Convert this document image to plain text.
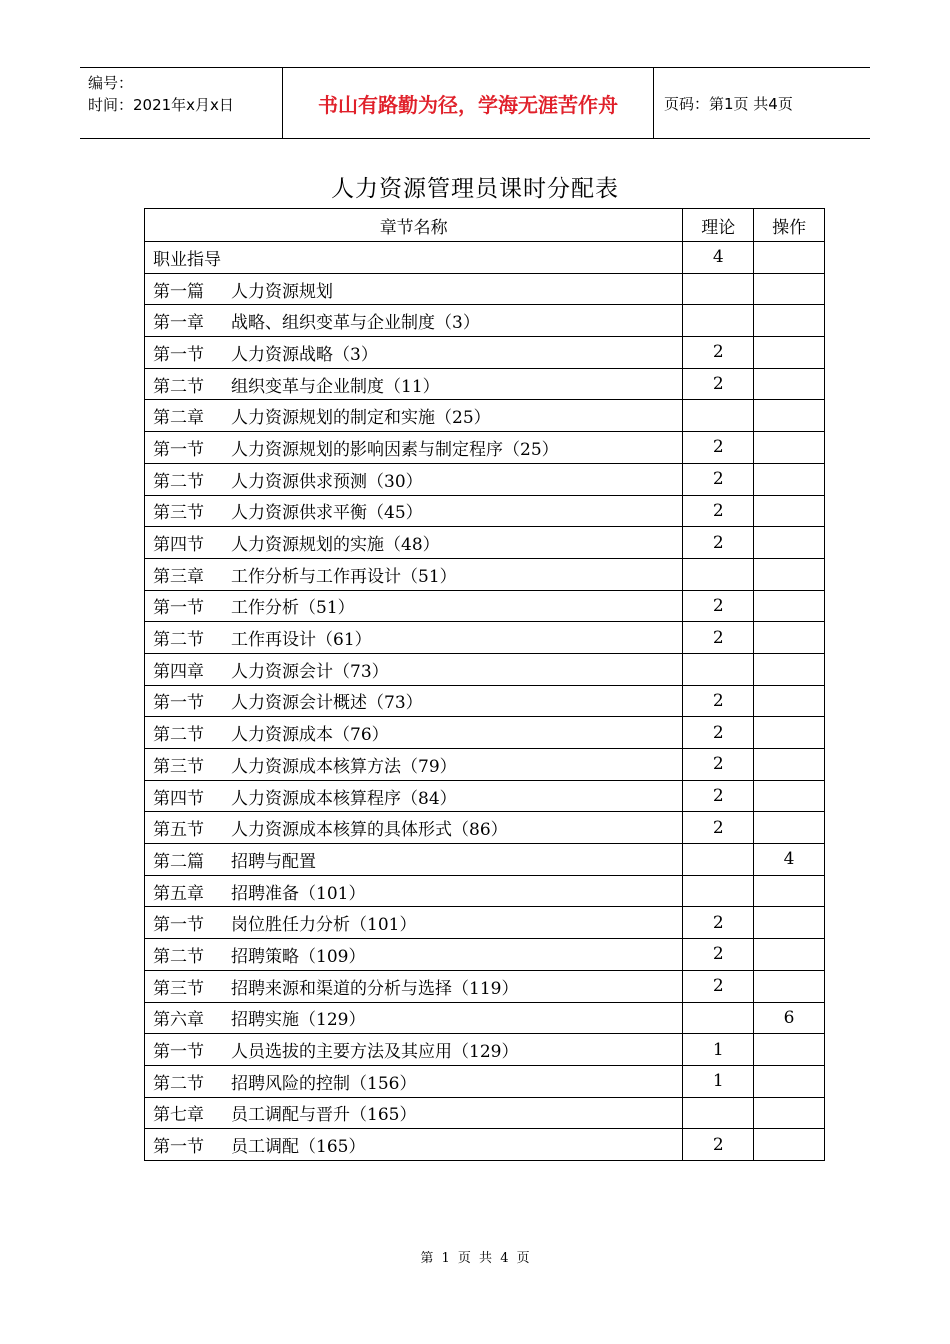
编号：
时间：2021年x月x日	书山有路勤为径，学海无涯苦作舟	页码：第1页 共4页
人力资源管理员课时分配表
章节名称	理论	操作
职业指导	4	
第一篇 人力资源规划		
第一章 战略、组织变革与企业制度（3）		
第一节 人力资源战略（3）	2	
第二节 组织变革与企业制度（11）	2	
第二章 人力资源规划的制定和实施（25）		
第一节 人力资源规划的影响因素与制定程序（25）	2	
第二节 人力资源供求预测（30）	2	
第三节 人力资源供求平衡（45）	2	
第四节 人力资源规划的实施（48）	2	
第三章 工作分析与工作再设计（51）		
第一节 工作分析（51）	2	
第二节 工作再设计（61）	2	
第四章 人力资源会计（73）		
第一节 人力资源会计概述（73）	2	
第二节 人力资源成本（76）	2	
第三节 人力资源成本核算方法（79）	2	
第四节 人力资源成本核算程序（84）	2	
第五节 人力资源成本核算的具体形式（86）	2	
第二篇 招聘与配置		4
第五章 招聘准备（101）		
第一节 岗位胜任力分析（101）	2	
第二节 招聘策略（109）	2	
第三节 招聘来源和渠道的分析与选择（119）	2	
第六章 招聘实施（129）		6
第一节 人员选拔的主要方法及其应用（129）	1	
第二节 招聘风险的控制（156）	1	
第七章 员工调配与晋升（165）		
第一节 员工调配（165）	2	
第 1 页 共 4 页
